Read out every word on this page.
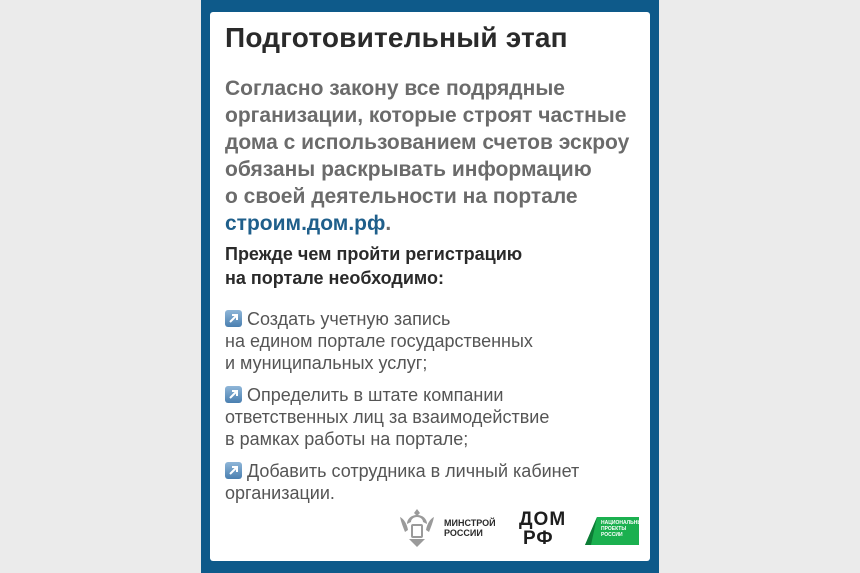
Подготовительный этап
Согласно закону все подрядные
организации, которые строят частные
дома с использованием счетов эскроу
обязаны раскрывать информацию
о своей деятельности на портале
строим.дом.рф.
Прежде чем пройти регистрацию
на портале необходимо:
Создать учетную запись
на едином портале государственных
и муниципальных услуг;
Определить в штате компании
ответственных лиц за взаимодействие
в рамках работы на портале;
Добавить сотрудника в личный кабинет
организации.
МИНСТРОЙ
РОССИИ
ДОМ
РФ
НАЦИОНАЛЬНЫЕ
ПРОЕКТЫ
РОССИИ
